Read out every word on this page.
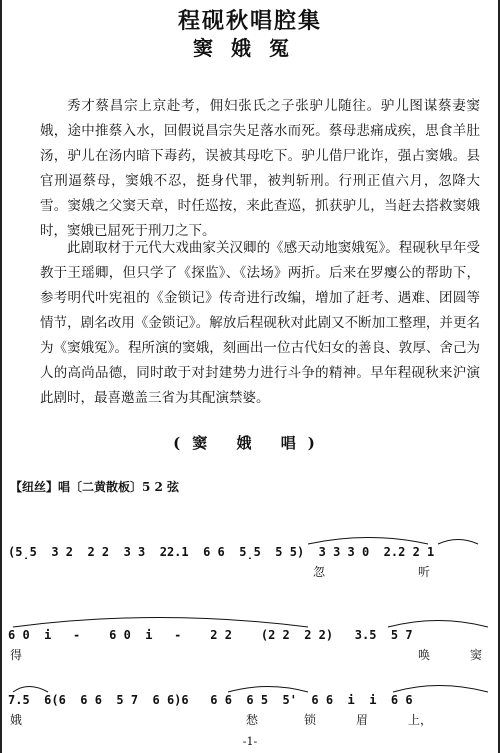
程砚秋唱腔集
窦娥冤

秀才蔡昌宗上京赴考，佣妇张氏之子张驴儿随往。驴儿图谋蔡妻窦娥，途中推蔡入水，回假说昌宗失足落水而死。蔡母悲痛成疾，思食羊肚汤，驴儿在汤内暗下毒药，误被其母吃下。驴儿借尸讹诈，强占窦娥。县官刑逼蔡母，窦娥不忍，挺身代罪，被判斩刑。行刑正值六月，忽降大雪。窦娥之父窦天章，时任巡按，来此查巡，抓获驴儿，当赶去搭救窦娥时，窦娥已屈死于刑刀之下。

此剧取材于元代大戏曲家关汉卿的《感天动地窦娥冤》。程砚秋早年受教于王瑶卿，但只学了《探监》、《法场》两折。后来在罗瘿公的帮助下，参考明代叶宪祖的《金锁记》传奇进行改编，增加了赶考、遇难、团圆等情节，剧名改用《金锁记》。解放后程砚秋对此剧又不断加工整理，并更名为《窦娥冤》。程所演的窦娥，刻画出一位古代妇女的善良、敦厚、舍己为人的高尚品德，同时敢于对封建势力进行斗争的精神。早年程砚秋来沪演此剧时，最喜邀盖三省为其配演禁婆。

(窦 娥 唱)
【纽丝】唱〔二黄散板〕5 2 弦
(5̣5  3 2  2 2  3 3  22.1  6 6  5̣5  5 5)  3 3 3 0  2.2 2 1
忽	听
6 0  i   -    6 0  i   -    2 2    (2 2  2 2)   3.5  5 7
得	唤	窦
7.5  6(6  6 6  5 7  6 6)6   6 6  6 5  5'  6 6  i  i  6 6
娥	愁	锁	眉	上，
-1-
